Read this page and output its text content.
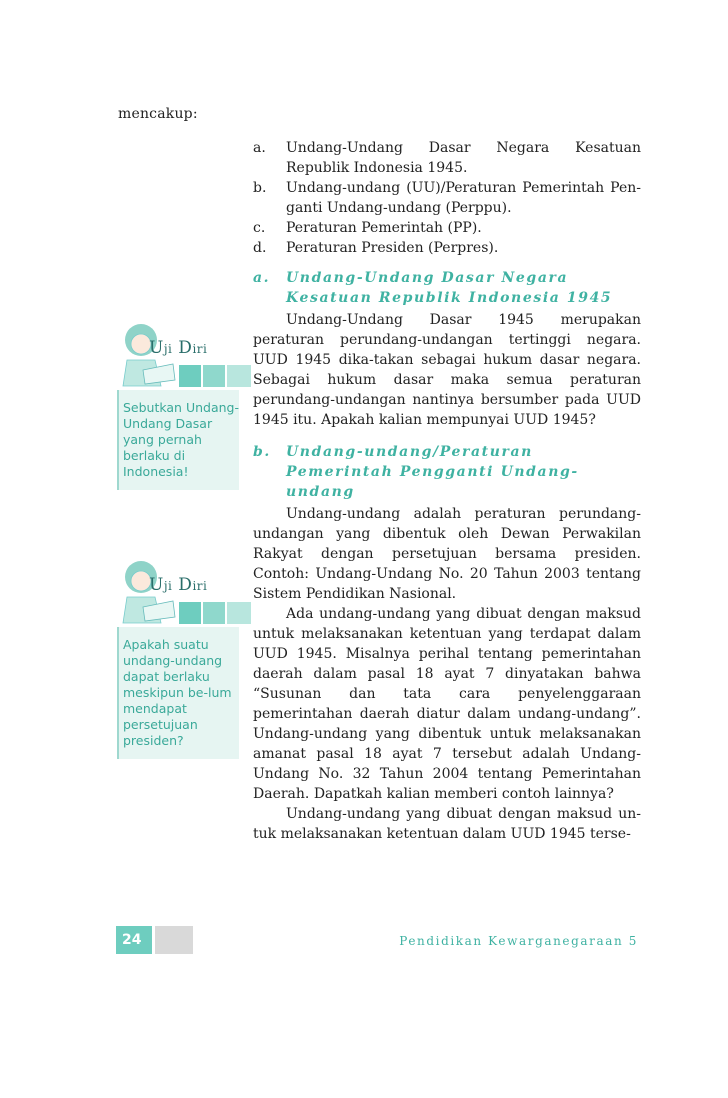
mencakup:
a.	Undang-Undang Dasar Negara Kesatuan Republik Indonesia 1945.
b.	Undang-undang (UU)/Peraturan Pemerintah Pen-ganti Undang-undang (Perppu).
c.	Peraturan Pemerintah (PP).
d.	Peraturan Presiden (Perpres).
a.	Undang-Undang Dasar Negara Kesatuan Republik Indonesia 1945

Undang-Undang Dasar 1945 merupakan peraturan perundang-undangan tertinggi negara. UUD 1945 dika-takan sebagai hukum dasar negara. Sebagai hukum dasar maka semua peraturan perundang-undangan nantinya bersumber pada UUD 1945 itu. Apakah kalian mempunyai UUD 1945?

b.	Undang-undang/Peraturan Pemerintah Pengganti Undang-undang

Undang-undang adalah peraturan perundang-undangan yang dibentuk oleh Dewan Perwakilan Rakyat dengan persetujuan bersama presiden. Contoh: Undang-Undang No. 20 Tahun 2003 tentang Sistem Pendidikan Nasional.

Ada undang-undang yang dibuat dengan maksud untuk melaksanakan ketentuan yang terdapat dalam UUD 1945. Misalnya perihal tentang pemerintahan daerah dalam pasal 18 ayat 7 dinyatakan bahwa “Susunan dan tata cara penyelenggaraan pemerintahan daerah diatur dalam undang-undang”. Undang-undang yang dibentuk untuk melaksanakan amanat pasal 18 ayat 7 tersebut adalah Undang-Undang No. 32 Tahun 2004 tentang Pemerintahan Daerah. Dapatkah kalian memberi contoh lainnya?

Undang-undang yang dibuat dengan maksud un-tuk melaksanakan ketentuan dalam UUD 1945 terse-

Uji Diri

Sebutkan Undang-Undang Dasar yang pernah berlaku di Indonesia!

Uji Diri

Apakah suatu undang-undang dapat berlaku meskipun be-lum mendapat persetujuan presiden?

24	Pendidikan Kewarganegaraan 5
